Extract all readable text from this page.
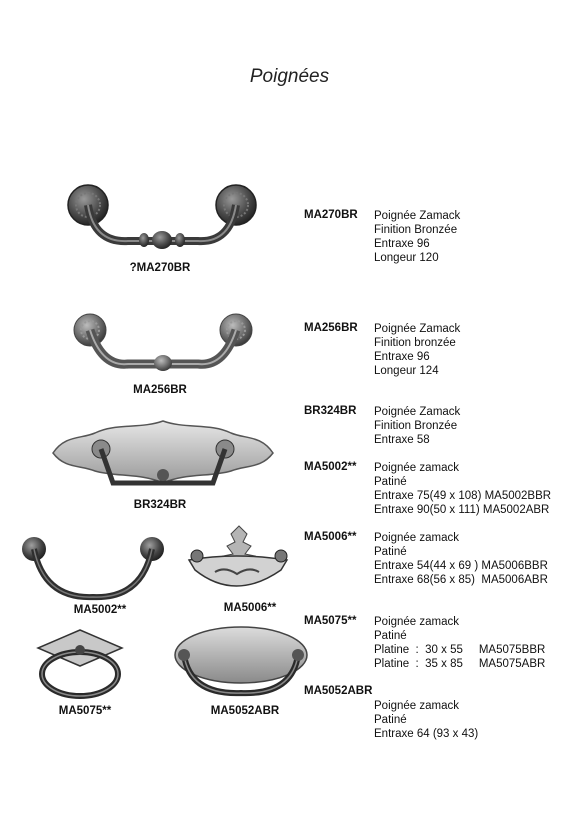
Poignées
?MA270BR
MA256BR
BR324BR
MA5002**	MA5006**
MA5075**	MA5052ABR
MA270BR Poignée Zamack
Finition Bronzée
Entraxe 96
Longeur 120
MA256BR Poignée Zamack
Finition bronzée
Entraxe 96
Longeur 124
BR324BR Poignée Zamack
Finition Bronzée
Entraxe 58
MA5002** Poignée zamack
Patiné
Entraxe 75(49 x 108) MA5002BBR
Entraxe 90(50 x 111) MA5002ABR
MA5006** Poignée zamack
Patiné
Entraxe 54(44 x 69 ) MA5006BBR
Entraxe 68(56 x 85)  MA5006ABR
MA5075** Poignée zamack
Patiné
Platine  :  30 x 55     MA5075BBR
Platine  :  35 x 85     MA5075ABR
MA5052ABR
Poignée zamack
Patiné
Entraxe 64 (93 x 43)
